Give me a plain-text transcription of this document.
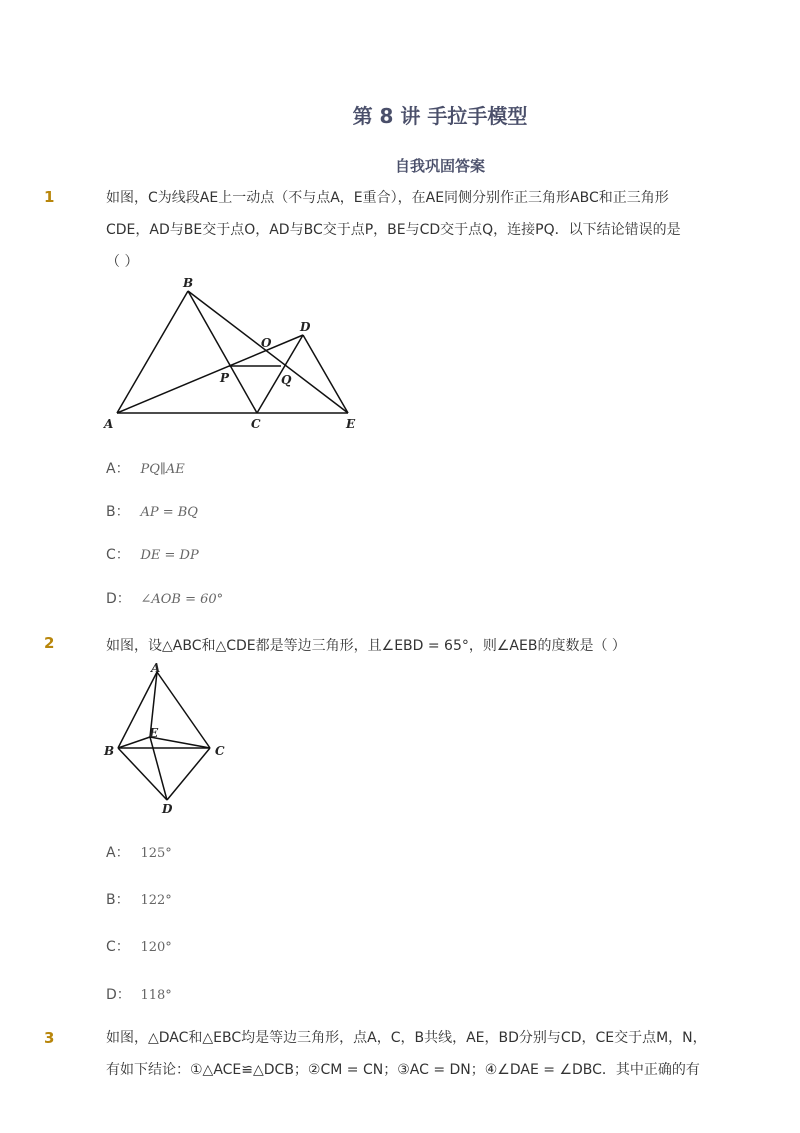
第 8 讲 手拉手模型
自我巩固答案
1	如图，C为线段AE上一动点（不与点A，E重合），在AE同侧分别作正三角形ABC和正三角形
CDE，AD与BE交于点O，AD与BC交于点P，BE与CD交于点Q，连接PQ．以下结论错误的是
（ ）
A
B
C
D
E
O
P	Q
A： PQ∥AE
B： AP = BQ
C： DE = DP
D： ∠AOB = 60°
2	如图，设△ABC和△CDE都是等边三角形，且∠EBD = 65°，则∠AEB的度数是（ ）
A
B	C
D
E
A： 125°
B： 122°
C： 120°
D： 118°
3	如图，△DAC和△EBC均是等边三角形，点A，C，B共线，AE，BD分别与CD，CE交于点M，N，
有如下结论：①△ACE≌△DCB；②CM = CN；③AC = DN；④∠DAE = ∠DBC．其中正确的有
